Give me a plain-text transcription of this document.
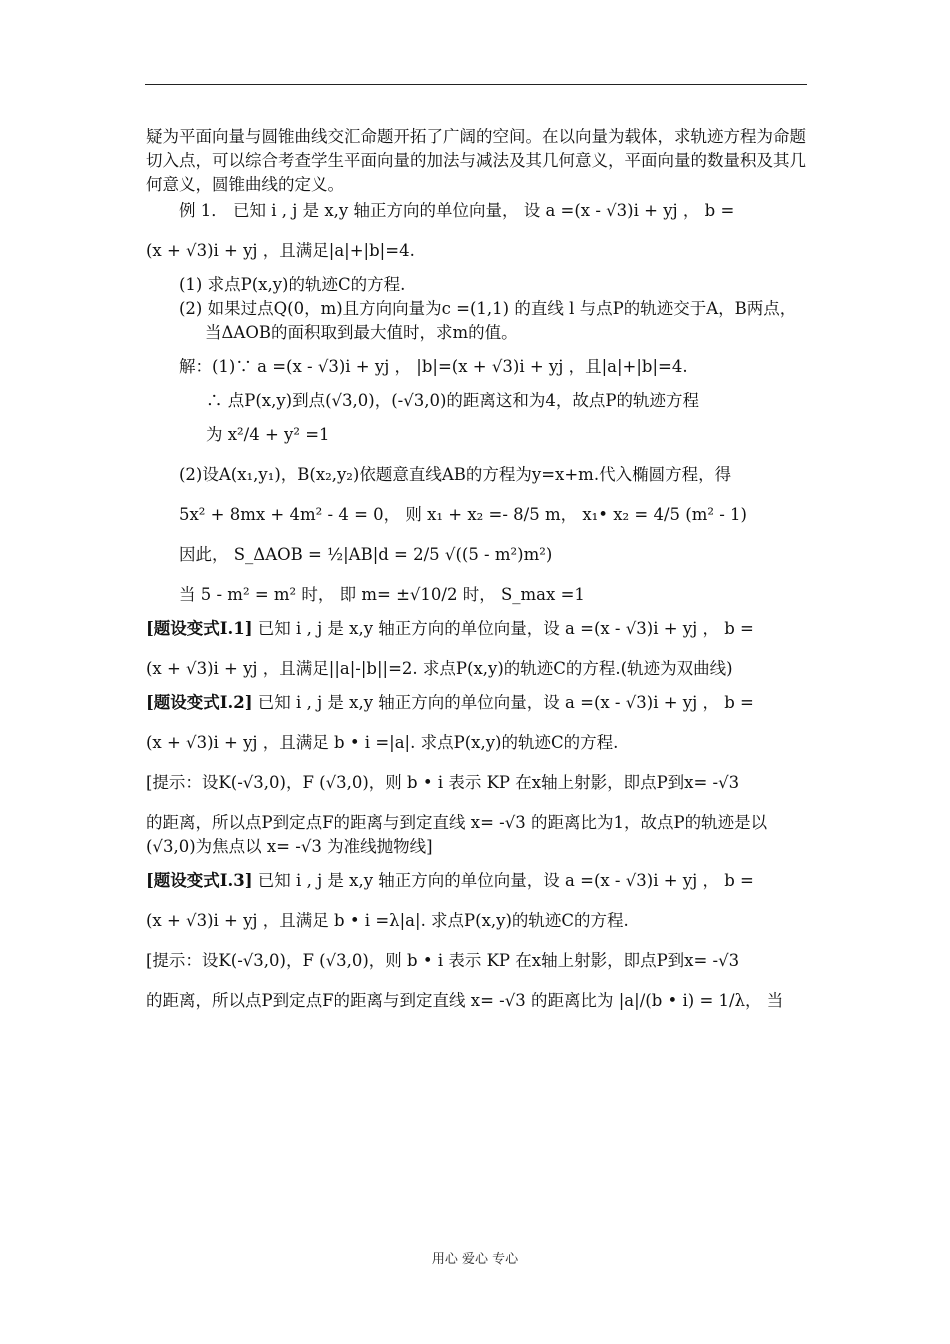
疑为平面向量与圆锥曲线交汇命题开拓了广阔的空间。在以向量为载体，求轨迹方程为命题切入点，可以综合考查学生平面向量的加法与减法及其几何意义，平面向量的数量积及其几何意义，圆锥曲线的定义。

例 1． 已知 i , j 是 x,y 轴正方向的单位向量， 设 a =(x - √3)i + yj ， b =

(x + √3)i + yj ，且满足|a|+|b|=4.

(1) 求点P(x,y)的轨迹C的方程.

(2) 如果过点Q(0，m)且方向向量为c =(1,1) 的直线 l 与点P的轨迹交于A，B两点，当ΔAOB的面积取到最大值时，求m的值。

解：(1)∵ a =(x - √3)i + yj ， |b|=(x + √3)i + yj ，且|a|+|b|=4.

∴ 点P(x,y)到点(√3,0)，(-√3,0)的距离这和为4，故点P的轨迹方程

为 x²/4 + y² =1

(2)设A(x₁,y₁)，B(x₂,y₂)依题意直线AB的方程为y=x+m.代入椭圆方程，得

5x² + 8mx + 4m² - 4 = 0， 则 x₁ + x₂ =- 8/5 m， x₁• x₂ = 4/5 (m² - 1)

因此， S_ΔAOB = ½|AB|d = 2/5 √((5 - m²)m²)

当 5 - m² = m² 时， 即 m= ±√10/2 时， S_max =1

[题设变式Ⅰ.1] 已知 i , j 是 x,y 轴正方向的单位向量，设 a =(x - √3)i + yj ， b =

(x + √3)i + yj ，且满足||a|-|b||=2. 求点P(x,y)的轨迹C的方程.(轨迹为双曲线)

[题设变式Ⅰ.2] 已知 i , j 是 x,y 轴正方向的单位向量，设 a =(x - √3)i + yj ， b =

(x + √3)i + yj ，且满足 b • i =|a|. 求点P(x,y)的轨迹C的方程.

[提示：设K(-√3,0)，F (√3,0)，则 b • i 表示 KP 在x轴上射影，即点P到x= -√3

的距离，所以点P到定点F的距离与到定直线 x= -√3 的距离比为1，故点P的轨迹是以(√3,0)为焦点以 x= -√3 为准线抛物线]

[题设变式Ⅰ.3] 已知 i , j 是 x,y 轴正方向的单位向量，设 a =(x - √3)i + yj ， b =

(x + √3)i + yj ，且满足 b • i =λ|a|. 求点P(x,y)的轨迹C的方程.

[提示：设K(-√3,0)，F (√3,0)，则 b • i 表示 KP 在x轴上射影，即点P到x= -√3

的距离，所以点P到定点F的距离与到定直线 x= -√3 的距离比为 |a|/(b • i) = 1/λ， 当

用心 爱心 专心
